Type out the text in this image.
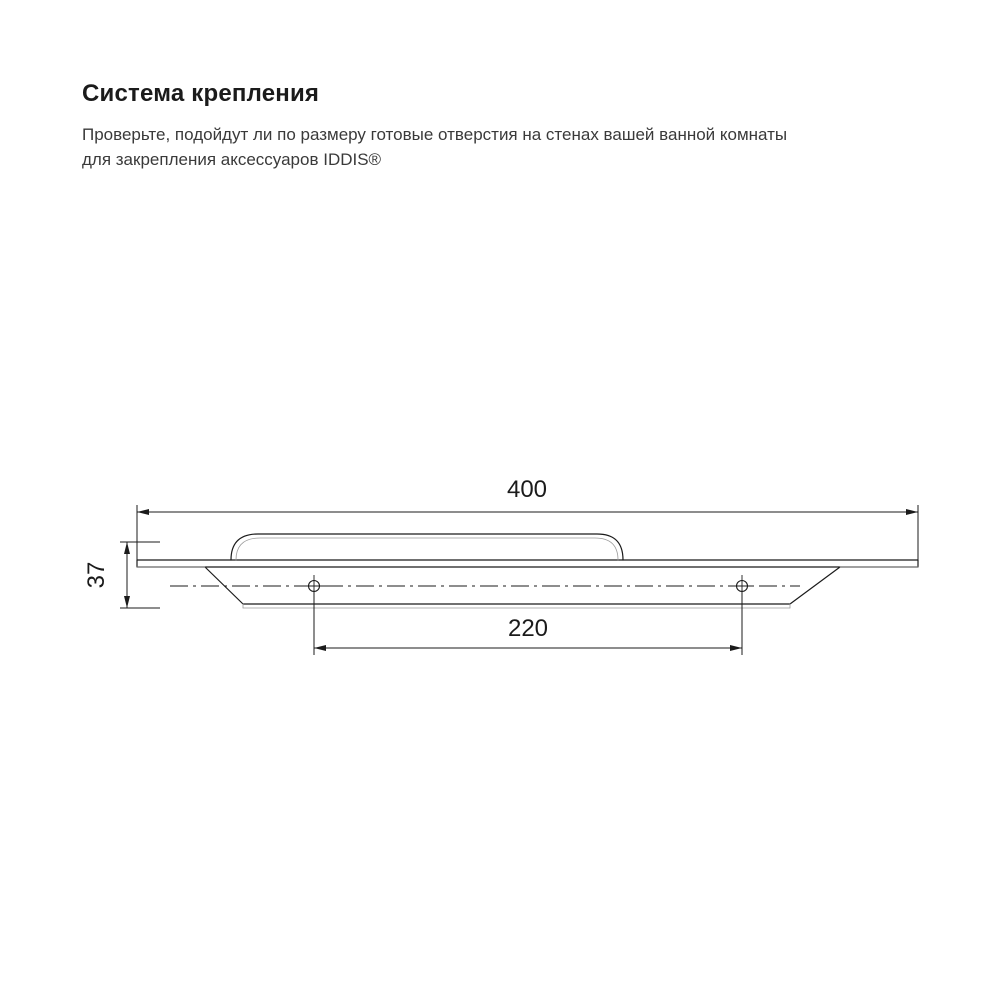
Система крепления
Проверьте, подойдут ли по размеру готовые отверстия на стенах вашей ванной комнаты
для закрепления аксессуаров IDDIS®
400
37
220
